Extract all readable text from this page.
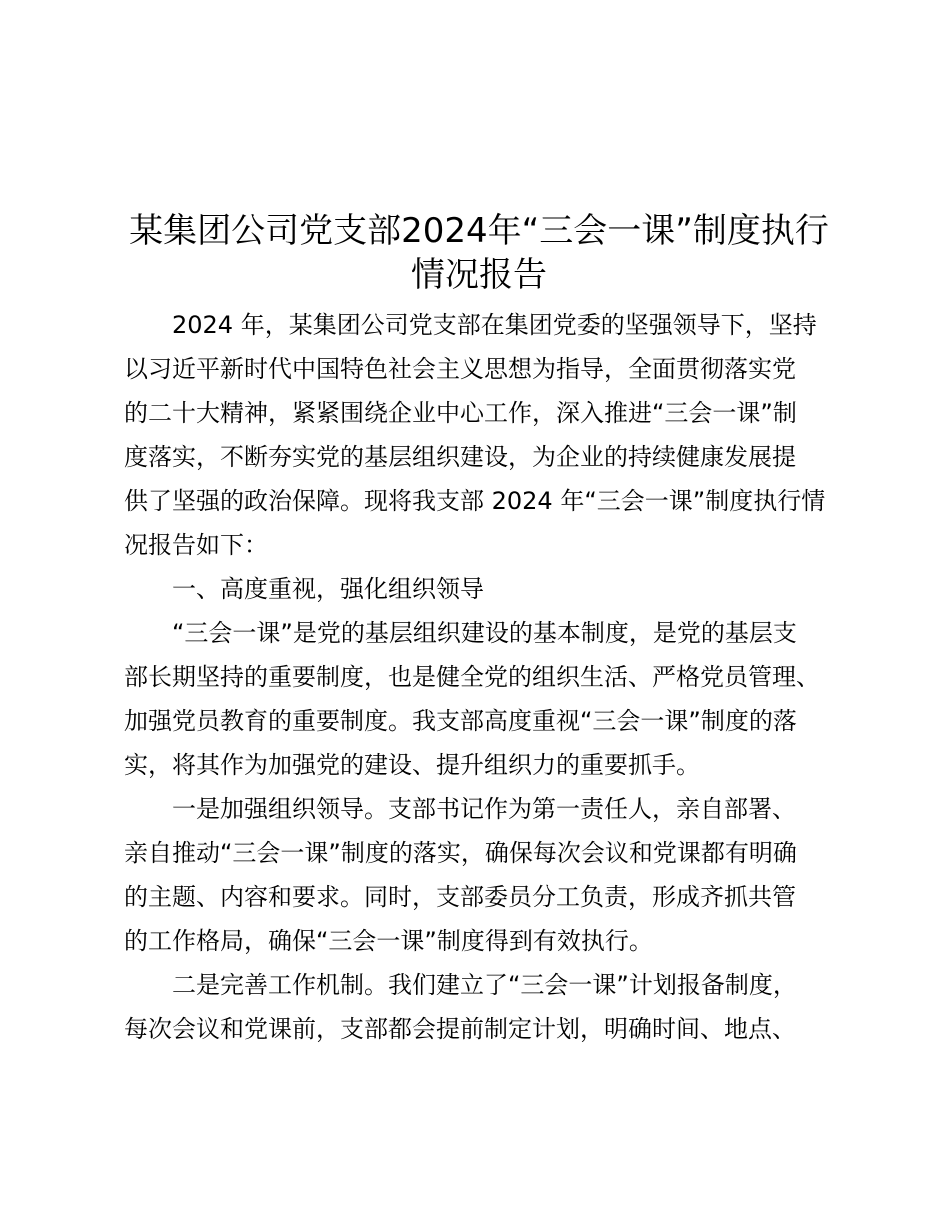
某集团公司党支部2024年“三会一课”制度执行
情况报告
2024 年，某集团公司党支部在集团党委的坚强领导下，坚持
以习近平新时代中国特色社会主义思想为指导，全面贯彻落实党
的二十大精神，紧紧围绕企业中心工作，深入推进“三会一课”制
度落实，不断夯实党的基层组织建设，为企业的持续健康发展提
供了坚强的政治保障。现将我支部 2024 年“三会一课”制度执行情
况报告如下：
一、高度重视，强化组织领导
“三会一课”是党的基层组织建设的基本制度，是党的基层支
部长期坚持的重要制度，也是健全党的组织生活、严格党员管理、
加强党员教育的重要制度。我支部高度重视“三会一课”制度的落
实，将其作为加强党的建设、提升组织力的重要抓手。
一是加强组织领导。支部书记作为第一责任人，亲自部署、
亲自推动“三会一课”制度的落实，确保每次会议和党课都有明确
的主题、内容和要求。同时，支部委员分工负责，形成齐抓共管
的工作格局，确保“三会一课”制度得到有效执行。
二是完善工作机制。我们建立了“三会一课”计划报备制度，
每次会议和党课前，支部都会提前制定计划，明确时间、地点、
